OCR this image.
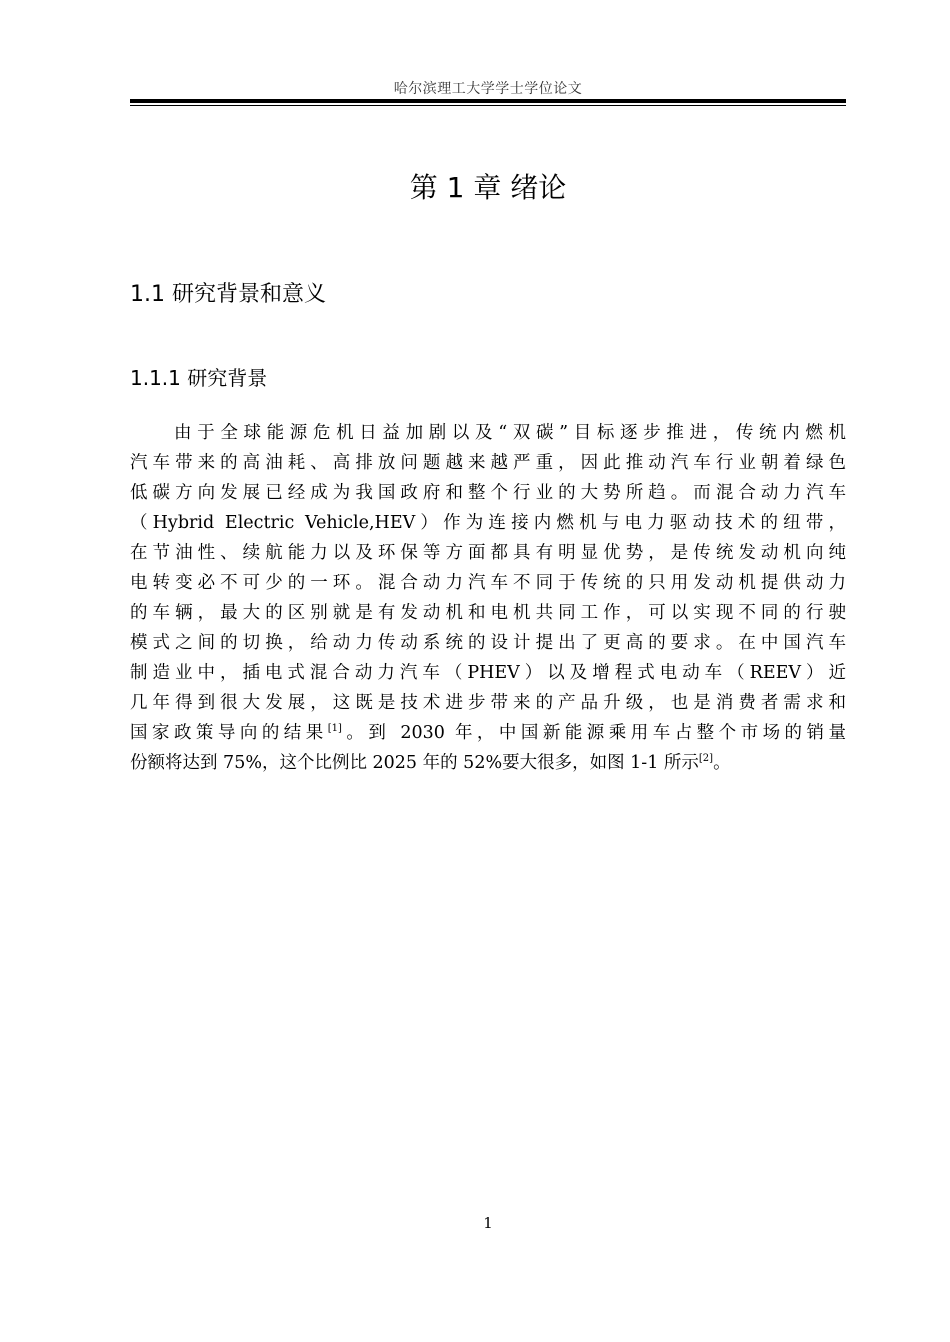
哈尔滨理工大学学士学位论文
第 1 章 绪论
1.1 研究背景和意义
1.1.1 研究背景
由于全球能源危机日益加剧以及“双碳”目标逐步推进，传统内燃机
汽车带来的高油耗、高排放问题越来越严重，因此推动汽车行业朝着绿色
低碳方向发展已经成为我国政府和整个行业的大势所趋。而混合动力汽车
（Hybrid Electric Vehicle,HEV）作为连接内燃机与电力驱动技术的纽带，
在节油性、续航能力以及环保等方面都具有明显优势，是传统发动机向纯
电转变必不可少的一环。混合动力汽车不同于传统的只用发动机提供动力
的车辆，最大的区别就是有发动机和电机共同工作，可以实现不同的行驶
模式之间的切换，给动力传动系统的设计提出了更高的要求。在中国汽车
制造业中，插电式混合动力汽车（PHEV）以及增程式电动车（REEV）近
几年得到很大发展，这既是技术进步带来的产品升级，也是消费者需求和
国家政策导向的结果[1]。到 2030 年，中国新能源乘用车占整个市场的销量
份额将达到 75%，这个比例比 2025 年的 52%要大很多，如图 1-1 所示[2]。
1
